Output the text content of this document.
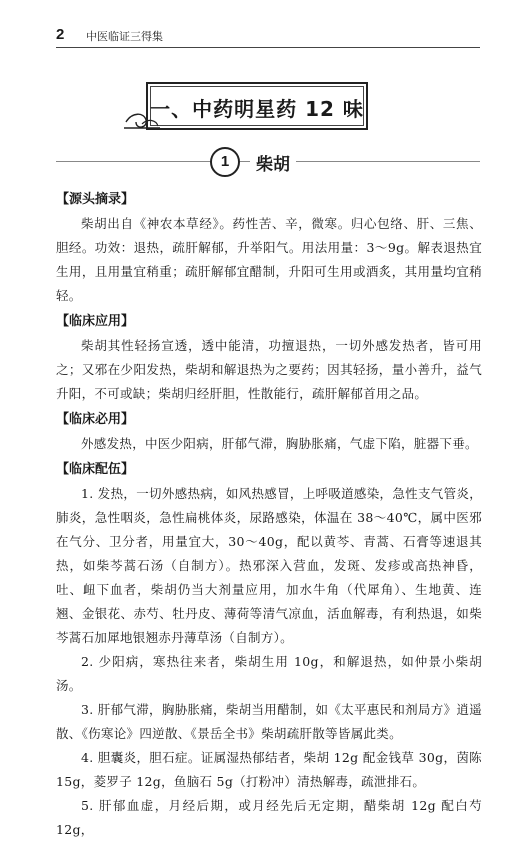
2 中医临证三得集
一、中药明星药 12 味
1	柴胡
【源头摘录】

柴胡出自《神农本草经》。药性苦、辛，微寒。归心包络、肝、三焦、胆经。功效：退热，疏肝解郁，升举阳气。用法用量：3～9g。解表退热宜生用，且用量宜稍重；疏肝解郁宜醋制，升阳可生用或酒炙，其用量均宜稍轻。

【临床应用】

柴胡其性轻扬宣透，透中能清，功擅退热，一切外感发热者，皆可用之；又邪在少阳发热，柴胡和解退热为之要药；因其轻扬，量小善升，益气升阳，不可或缺；柴胡归经肝胆，性散能行，疏肝解郁首用之品。

【临床必用】

外感发热，中医少阳病，肝郁气滞，胸胁胀痛，气虚下陷，脏器下垂。

【临床配伍】

1. 发热，一切外感热病，如风热感冒，上呼吸道感染，急性支气管炎，肺炎，急性咽炎，急性扁桃体炎，尿路感染，体温在 38～40℃，属中医邪在气分、卫分者，用量宜大，30～40g，配以黄芩、青蒿、石膏等速退其热，如柴芩蒿石汤（自制方）。热邪深入营血，发斑、发疹或高热神昏，吐、衄下血者，柴胡仍当大剂量应用，加水牛角（代犀角）、生地黄、连翘、金银花、赤芍、牡丹皮、薄荷等清气凉血，活血解毒，有利热退，如柴芩蒿石加犀地银翘赤丹薄草汤（自制方）。

2. 少阳病，寒热往来者，柴胡生用 10g，和解退热，如仲景小柴胡汤。

3. 肝郁气滞，胸胁胀痛，柴胡当用醋制，如《太平惠民和剂局方》逍遥散、《伤寒论》四逆散、《景岳全书》柴胡疏肝散等皆属此类。

4. 胆囊炎，胆石症。证属湿热郁结者，柴胡 12g 配金钱草 30g，茵陈 15g，菱罗子 12g，鱼脑石 5g（打粉冲）清热解毒，疏泄排石。

5. 肝郁血虚，月经后期，或月经先后无定期，醋柴胡 12g 配白芍 12g，
